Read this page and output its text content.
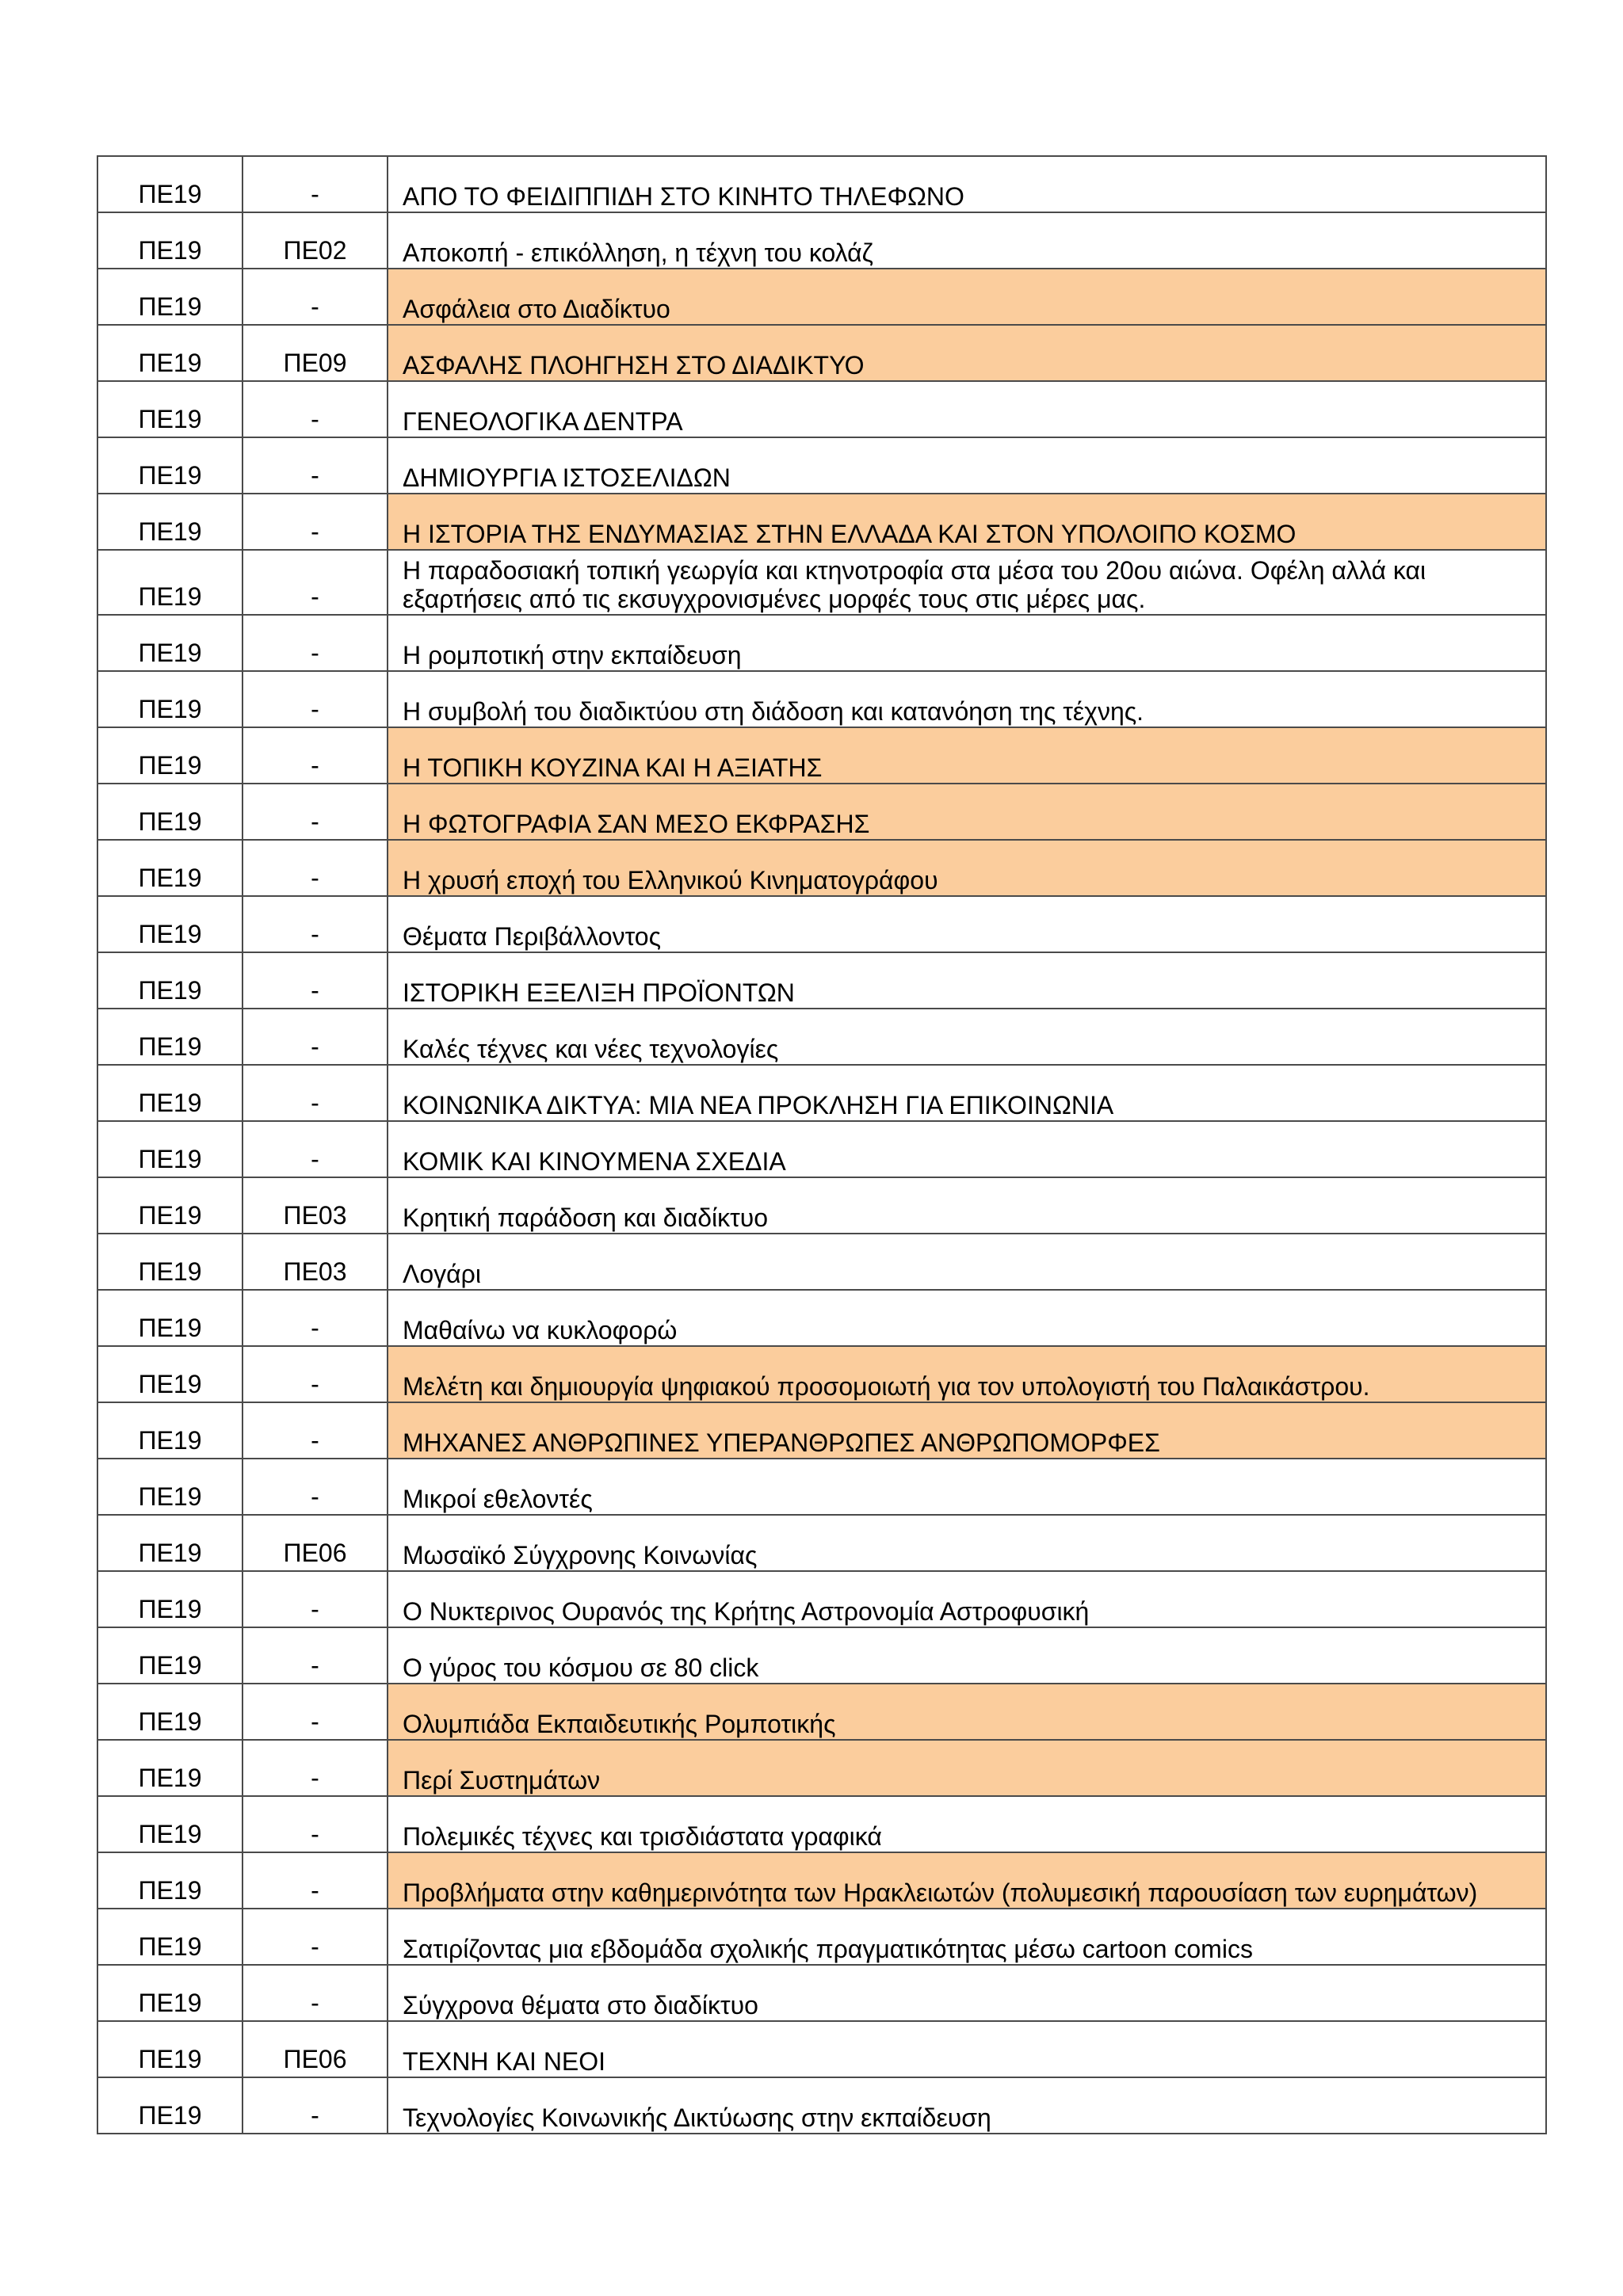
ΠΕ19	-	ΑΠΟ ΤΟ ΦΕΙΔΙΠΠΙΔΗ ΣΤΟ ΚΙΝΗΤΟ ΤΗΛΕΦΩΝΟ
ΠΕ19	ΠΕ02	Αποκοπή - επικόλληση, η τέχνη του κολάζ
ΠΕ19	-	Ασφάλεια στο Διαδίκτυο
ΠΕ19	ΠΕ09	ΑΣΦΑΛΗΣ ΠΛΟΗΓΗΣΗ ΣΤΟ ΔΙΑΔΙΚΤΥΟ
ΠΕ19	-	ΓΕΝΕΟΛΟΓΙΚΑ ΔΕΝΤΡΑ
ΠΕ19	-	ΔΗΜΙΟΥΡΓΙΑ ΙΣΤΟΣΕΛΙΔΩΝ
ΠΕ19	-	Η ΙΣΤΟΡΙΑ ΤΗΣ ΕΝΔΥΜΑΣΙΑΣ ΣΤΗΝ ΕΛΛΑΔΑ ΚΑΙ ΣΤΟΝ ΥΠΟΛΟΙΠΟ ΚΟΣΜΟ
ΠΕ19	-	Η παραδοσιακή τοπική γεωργία και κτηνοτροφία στα μέσα του 20ου αιώνα. Οφέλη αλλά και εξαρτήσεις από τις εκσυγχρονισμένες μορφές τους στις μέρες μας.
ΠΕ19	-	Η ρομποτική στην εκπαίδευση
ΠΕ19	-	Η συμβολή του διαδικτύου στη διάδοση και κατανόηση της τέχνης.
ΠΕ19	-	Η ΤΟΠΙΚΗ ΚΟΥΖΙΝΑ ΚΑΙ Η ΑΞΙΑΤΗΣ
ΠΕ19	-	Η ΦΩΤΟΓΡΑΦΙΑ ΣΑΝ ΜΕΣΟ ΕΚΦΡΑΣΗΣ
ΠΕ19	-	Η χρυσή εποχή του Ελληνικού Κινηματογράφου
ΠΕ19	-	Θέματα Περιβάλλοντος
ΠΕ19	-	ΙΣΤΟΡΙΚΗ ΕΞΕΛΙΞΗ ΠΡΟΪΟΝΤΩΝ
ΠΕ19	-	Καλές τέχνες και νέες τεχνολογίες
ΠΕ19	-	ΚΟΙΝΩΝΙΚΑ ΔΙΚΤΥΑ: ΜΙΑ ΝΕΑ ΠΡΟΚΛΗΣΗ ΓΙΑ ΕΠΙΚΟΙΝΩΝΙΑ
ΠΕ19	-	ΚΟΜΙΚ ΚΑΙ ΚΙΝΟΥΜΕΝΑ ΣΧΕΔΙΑ
ΠΕ19	ΠΕ03	Κρητική παράδοση και διαδίκτυο
ΠΕ19	ΠΕ03	Λογάρι
ΠΕ19	-	Μαθαίνω να κυκλοφορώ
ΠΕ19	-	Μελέτη και δημιουργία ψηφιακού προσομοιωτή για τον υπολογιστή του Παλαικάστρου.
ΠΕ19	-	ΜΗΧΑΝΕΣ ΑΝΘΡΩΠΙΝΕΣ ΥΠΕΡΑΝΘΡΩΠΕΣ ΑΝΘΡΩΠΟΜΟΡΦΕΣ
ΠΕ19	-	Μικροί εθελοντές
ΠΕ19	ΠΕ06	Μωσαϊκό Σύγχρονης Κοινωνίας
ΠΕ19	-	Ο Νυκτερινος Ουρανός της Κρήτης Αστρονομία Αστροφυσική
ΠΕ19	-	Ο γύρος του κόσμου σε 80 click
ΠΕ19	-	Ολυμπιάδα Εκπαιδευτικής Ρομποτικής
ΠΕ19	-	Περί Συστημάτων
ΠΕ19	-	Πολεμικές τέχνες και τρισδιάστατα γραφικά
ΠΕ19	-	Προβλήματα στην καθημερινότητα των Ηρακλειωτών (πολυμεσική παρουσίαση των ευρημάτων)
ΠΕ19	-	Σατιρίζοντας μια εβδομάδα σχολικής πραγματικότητας μέσω cartoon comics
ΠΕ19	-	Σύγχρονα θέματα στο διαδίκτυο
ΠΕ19	ΠΕ06	ΤΕΧΝΗ ΚΑΙ ΝΕΟΙ
ΠΕ19	-	Τεχνολογίες Κοινωνικής Δικτύωσης στην εκπαίδευση
